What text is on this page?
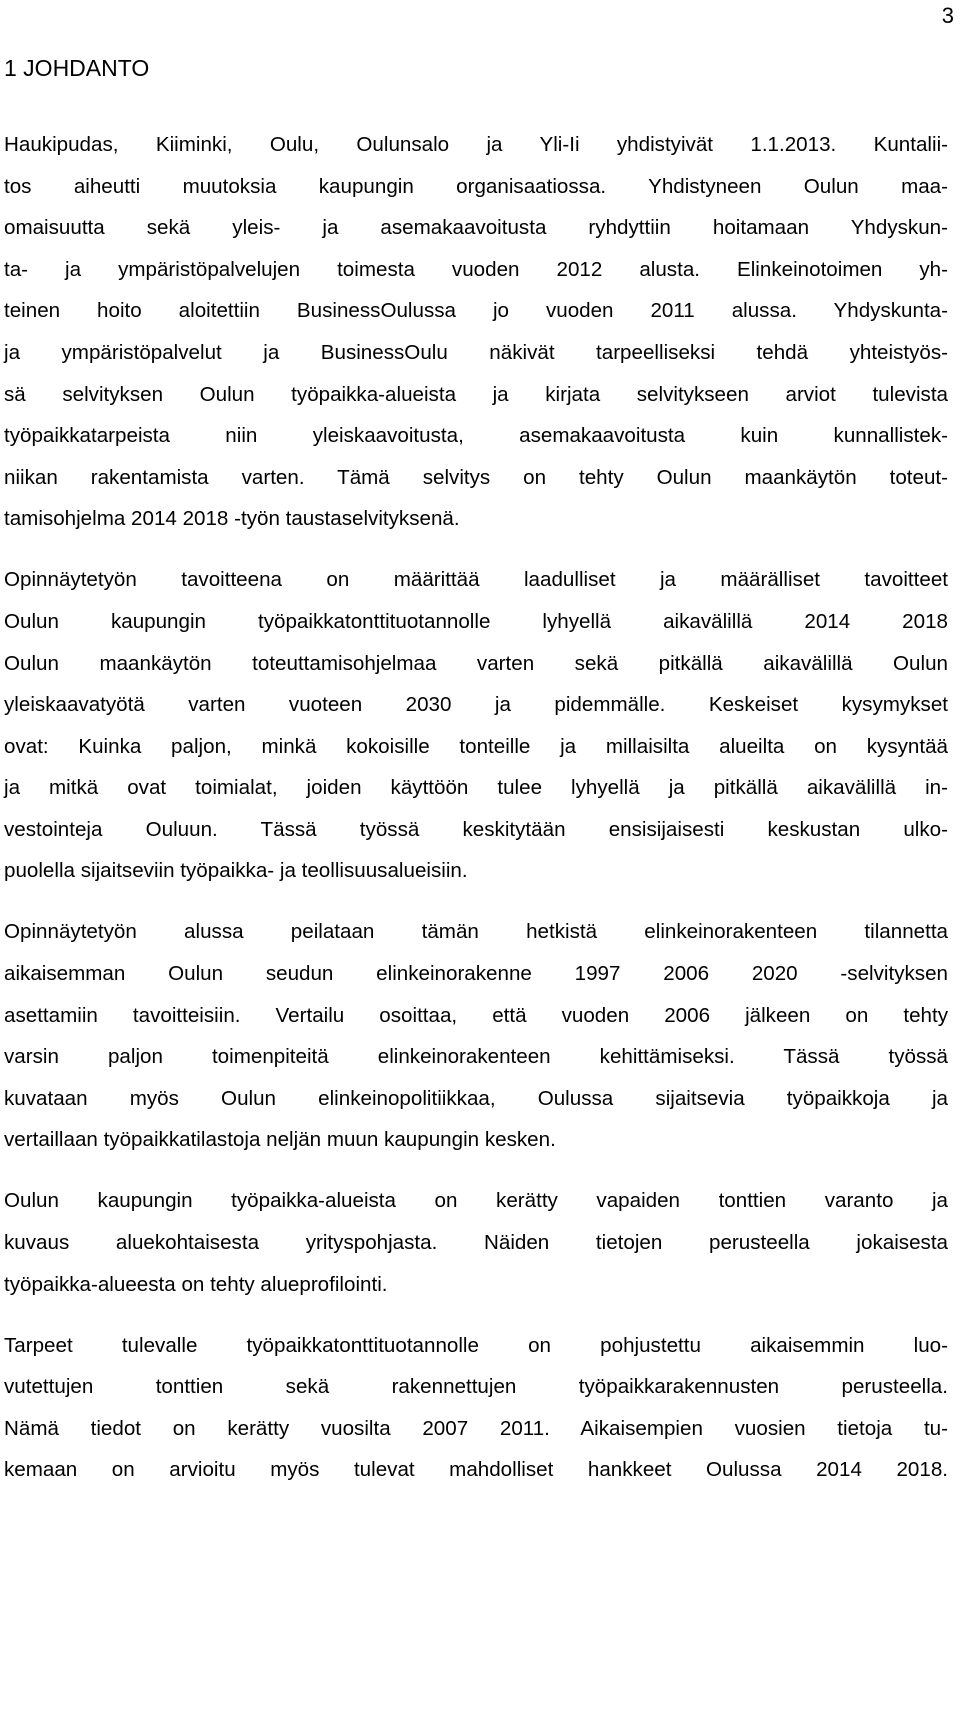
3
1 JOHDANTO

Haukipudas, Kiiminki, Oulu, Oulunsalo ja Yli-Ii yhdistyivät 1.1.2013. Kuntalii-
tos aiheutti muutoksia kaupungin organisaatiossa. Yhdistyneen Oulun maa-
omaisuutta sekä yleis- ja asemakaavoitusta ryhdyttiin hoitamaan Yhdyskun-
ta- ja ympäristöpalvelujen toimesta vuoden 2012 alusta. Elinkeinotoimen yh-
teinen hoito aloitettiin BusinessOulussa jo vuoden 2011 alussa. Yhdyskunta-
ja ympäristöpalvelut ja BusinessOulu näkivät tarpeelliseksi tehdä yhteistyös-
sä selvityksen Oulun työpaikka-alueista ja kirjata selvitykseen arviot tulevista
työpaikkatarpeista niin yleiskaavoitusta, asemakaavoitusta kuin kunnallistek-
niikan rakentamista varten. Tämä selvitys on tehty Oulun maankäytön toteut-
tamisohjelma 2014 2018 -työn taustaselvityksenä.

Opinnäytetyön tavoitteena on määrittää laadulliset ja määrälliset tavoitteet
Oulun kaupungin työpaikkatonttituotannolle lyhyellä aikavälillä 2014 2018
Oulun maankäytön toteuttamisohjelmaa varten sekä pitkällä aikavälillä Oulun
yleiskaavatyötä varten vuoteen 2030 ja pidemmälle. Keskeiset kysymykset
ovat: Kuinka paljon, minkä kokoisille tonteille ja millaisilta alueilta on kysyntää
ja mitkä ovat toimialat, joiden käyttöön tulee lyhyellä ja pitkällä aikavälillä in-
vestointeja Ouluun. Tässä työssä keskitytään ensisijaisesti keskustan ulko-
puolella sijaitseviin työpaikka- ja teollisuusalueisiin.

Opinnäytetyön alussa peilataan tämän hetkistä elinkeinorakenteen tilannetta
aikaisemman Oulun seudun elinkeinorakenne 1997 2006 2020 -selvityksen
asettamiin tavoitteisiin. Vertailu osoittaa, että vuoden 2006 jälkeen on tehty
varsin paljon toimenpiteitä elinkeinorakenteen kehittämiseksi. Tässä työssä
kuvataan myös Oulun elinkeinopolitiikkaa, Oulussa sijaitsevia työpaikkoja ja
vertaillaan työpaikkatilastoja neljän muun kaupungin kesken.

Oulun kaupungin työpaikka-alueista on kerätty vapaiden tonttien varanto ja
kuvaus aluekohtaisesta yrityspohjasta. Näiden tietojen perusteella jokaisesta
työpaikka-alueesta on tehty alueprofilointi.

Tarpeet tulevalle työpaikkatonttituotannolle on pohjustettu aikaisemmin luo-
vutettujen tonttien sekä rakennettujen työpaikkarakennusten perusteella.
Nämä tiedot on kerätty vuosilta 2007 2011. Aikaisempien vuosien tietoja tu-
kemaan on arvioitu myös tulevat mahdolliset hankkeet Oulussa 2014 2018.
